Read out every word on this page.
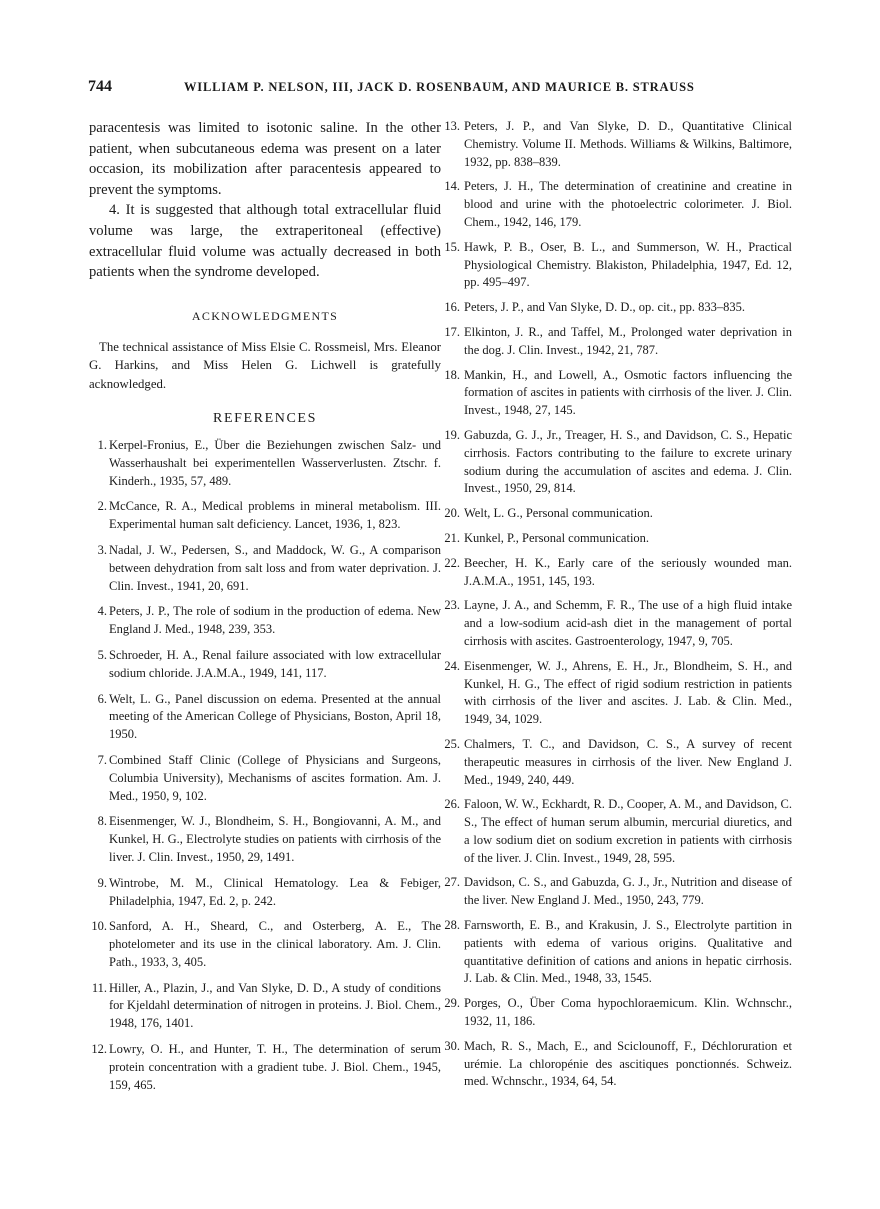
744	WILLIAM P. NELSON, III, JACK D. ROSENBAUM, AND MAURICE B. STRAUSS

paracentesis was limited to isotonic saline. In the other patient, when subcutaneous edema was present on a later occasion, its mobilization after paracentesis appeared to prevent the symptoms.

4. It is suggested that although total extracellular fluid volume was large, the extraperitoneal (effective) extracellular fluid volume was actually decreased in both patients when the syndrome developed.

ACKNOWLEDGMENTS

The technical assistance of Miss Elsie C. Rossmeisl, Mrs. Eleanor G. Harkins, and Miss Helen G. Lichwell is gratefully acknowledged.

REFERENCES
1. Kerpel-Fronius, E., Über die Beziehungen zwischen Salz- und Wasserhaushalt bei experimentellen Wasserverlusten. Ztschr. f. Kinderh., 1935, 57, 489.
2. McCance, R. A., Medical problems in mineral metabolism. III. Experimental human salt deficiency. Lancet, 1936, 1, 823.
3. Nadal, J. W., Pedersen, S., and Maddock, W. G., A comparison between dehydration from salt loss and from water deprivation. J. Clin. Invest., 1941, 20, 691.
4. Peters, J. P., The role of sodium in the production of edema. New England J. Med., 1948, 239, 353.
5. Schroeder, H. A., Renal failure associated with low extracellular sodium chloride. J.A.M.A., 1949, 141, 117.
6. Welt, L. G., Panel discussion on edema. Presented at the annual meeting of the American College of Physicians, Boston, April 18, 1950.
7. Combined Staff Clinic (College of Physicians and Surgeons, Columbia University), Mechanisms of ascites formation. Am. J. Med., 1950, 9, 102.
8. Eisenmenger, W. J., Blondheim, S. H., Bongiovanni, A. M., and Kunkel, H. G., Electrolyte studies on patients with cirrhosis of the liver. J. Clin. Invest., 1950, 29, 1491.
9. Wintrobe, M. M., Clinical Hematology. Lea & Febiger, Philadelphia, 1947, Ed. 2, p. 242.
10. Sanford, A. H., Sheard, C., and Osterberg, A. E., The photelometer and its use in the clinical laboratory. Am. J. Clin. Path., 1933, 3, 405.
11. Hiller, A., Plazin, J., and Van Slyke, D. D., A study of conditions for Kjeldahl determination of nitrogen in proteins. J. Biol. Chem., 1948, 176, 1401.
12. Lowry, O. H., and Hunter, T. H., The determination of serum protein concentration with a gradient tube. J. Biol. Chem., 1945, 159, 465.
13. Peters, J. P., and Van Slyke, D. D., Quantitative Clinical Chemistry. Volume II. Methods. Williams & Wilkins, Baltimore, 1932, pp. 838–839.
14. Peters, J. H., The determination of creatinine and creatine in blood and urine with the photoelectric colorimeter. J. Biol. Chem., 1942, 146, 179.
15. Hawk, P. B., Oser, B. L., and Summerson, W. H., Practical Physiological Chemistry. Blakiston, Philadelphia, 1947, Ed. 12, pp. 495–497.
16. Peters, J. P., and Van Slyke, D. D., op. cit., pp. 833–835.
17. Elkinton, J. R., and Taffel, M., Prolonged water deprivation in the dog. J. Clin. Invest., 1942, 21, 787.
18. Mankin, H., and Lowell, A., Osmotic factors influencing the formation of ascites in patients with cirrhosis of the liver. J. Clin. Invest., 1948, 27, 145.
19. Gabuzda, G. J., Jr., Treager, H. S., and Davidson, C. S., Hepatic cirrhosis. Factors contributing to the failure to excrete urinary sodium during the accumulation of ascites and edema. J. Clin. Invest., 1950, 29, 814.
20. Welt, L. G., Personal communication.
21. Kunkel, P., Personal communication.
22. Beecher, H. K., Early care of the seriously wounded man. J.A.M.A., 1951, 145, 193.
23. Layne, J. A., and Schemm, F. R., The use of a high fluid intake and a low-sodium acid-ash diet in the management of portal cirrhosis with ascites. Gastroenterology, 1947, 9, 705.
24. Eisenmenger, W. J., Ahrens, E. H., Jr., Blondheim, S. H., and Kunkel, H. G., The effect of rigid sodium restriction in patients with cirrhosis of the liver and ascites. J. Lab. & Clin. Med., 1949, 34, 1029.
25. Chalmers, T. C., and Davidson, C. S., A survey of recent therapeutic measures in cirrhosis of the liver. New England J. Med., 1949, 240, 449.
26. Faloon, W. W., Eckhardt, R. D., Cooper, A. M., and Davidson, C. S., The effect of human serum albumin, mercurial diuretics, and a low sodium diet on sodium excretion in patients with cirrhosis of the liver. J. Clin. Invest., 1949, 28, 595.
27. Davidson, C. S., and Gabuzda, G. J., Jr., Nutrition and disease of the liver. New England J. Med., 1950, 243, 779.
28. Farnsworth, E. B., and Krakusin, J. S., Electrolyte partition in patients with edema of various origins. Qualitative and quantitative definition of cations and anions in hepatic cirrhosis. J. Lab. & Clin. Med., 1948, 33, 1545.
29. Porges, O., Über Coma hypochloraemicum. Klin. Wchnschr., 1932, 11, 186.
30. Mach, R. S., Mach, E., and Sciclounoff, F., Déchloruration et urémie. La chloropénie des ascitiques ponctionnés. Schweiz. med. Wchnschr., 1934, 64, 54.
